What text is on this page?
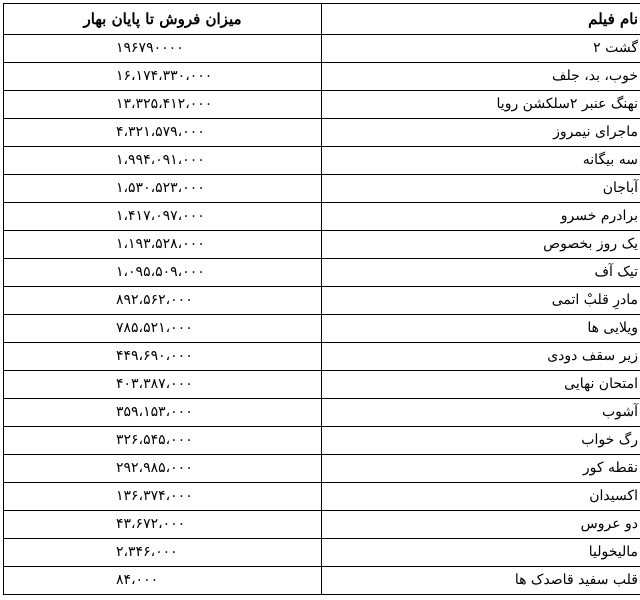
نام فیلم	میزان فروش تا پایان بهار
گشت ۲	۱۹۶۷۹۰۰۰۰
خوب، بد، جلف	۱۶،۱۷۴،۳۳۰،۰۰۰
نهنگ عنبر ۲سلکشن رویا	۱۳،۳۲۵،۴۱۲،۰۰۰
ماجرای نیمروز	۴،۳۲۱،۵۷۹،۰۰۰
سه بیگانه	۱،۹۹۴،۰۹۱،۰۰۰
آباجان	۱،۵۳۰،۵۲۳،۰۰۰
برادرم خسرو	۱،۴۱۷،۰۹۷،۰۰۰
یک روز بخصوص	۱،۱۹۳،۵۲۸،۰۰۰
تیک آف	۱،۰۹۵،۵۰۹،۰۰۰
مادرِ قلبْ اتمی	۸۹۲،۵۶۲،۰۰۰
ویلایی ها	۷۸۵،۵۲۱،۰۰۰
زیر سقف دودی	۴۴۹،۶۹۰،۰۰۰
امتحان نهایی	۴۰۳،۳۸۷،۰۰۰
آشوب	۳۵۹،۱۵۳،۰۰۰
رگ خواب	۳۲۶،۵۴۵،۰۰۰
نقطه کور	۲۹۲،۹۸۵،۰۰۰
اکسیدان	۱۳۶،۳۷۴،۰۰۰
دو عروس	۴۳،۶۷۲،۰۰۰
مالیخولیا	۲،۳۴۶،۰۰۰
قلب سفید قاصدک ها	۸۴،۰۰۰
